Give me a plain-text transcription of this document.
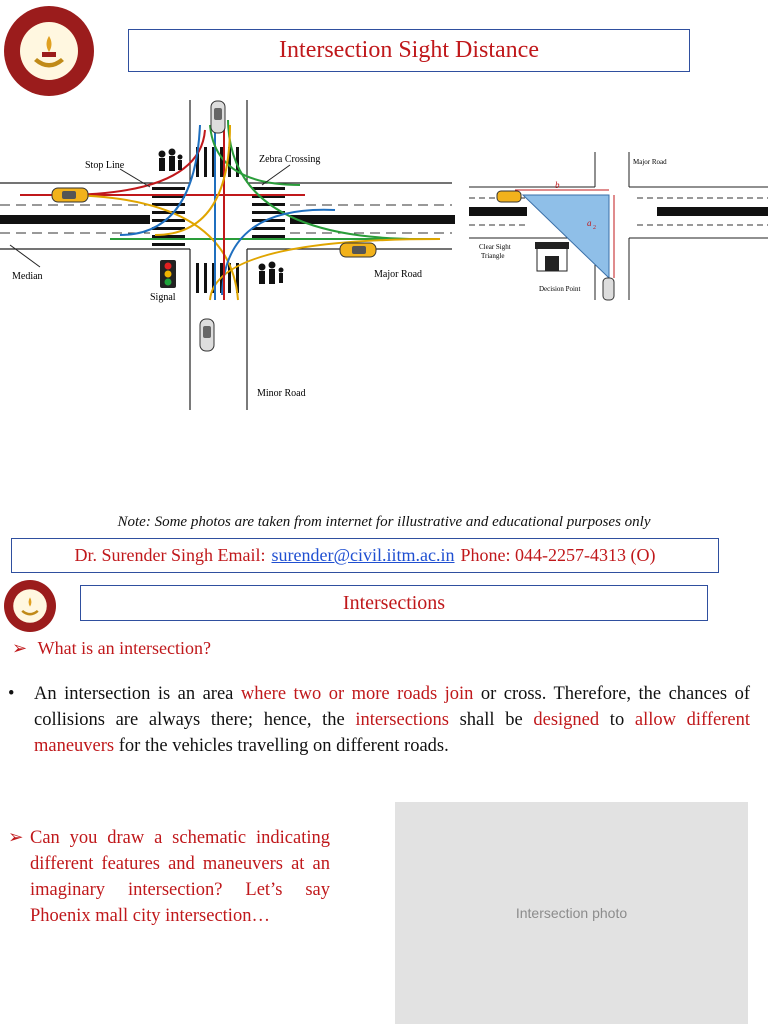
Intersection Sight Distance
Stop Line
Zebra Crossing
Median
Signal
Major Road
Minor Road
b
a 2
Major Road
Clear Sight
Triangle
Decision Point
Note: Some photos are taken from internet for illustrative and educational purposes only
Dr. Surender Singh Email: surender@civil.iitm.ac.in Phone: 044-2257-4313 (O)
Intersections
➢ What is an intersection?
• An intersection is an area where two or more roads join or cross. Therefore, the chances of collisions are always there; hence, the intersections shall be designed to allow different maneuvers for the vehicles travelling on different roads.

➢ Can you draw a schematic indicating different features and maneuvers at an imaginary intersection? Let’s say Phoenix mall city intersection…	Intersection photo
